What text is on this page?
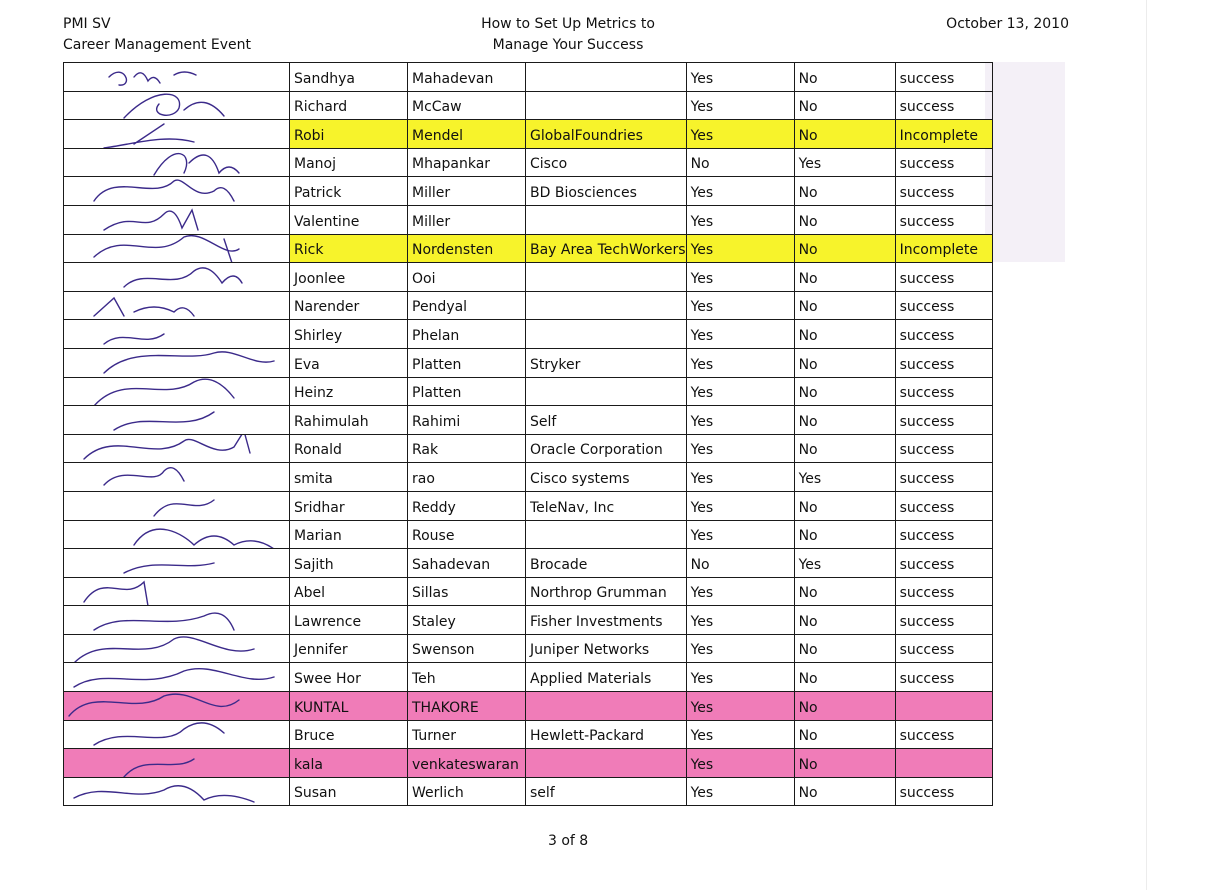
PMI SV
Career Management Event
How to Set Up Metrics to
Manage Your Success
October 13, 2010
	Sandhya	Mahadevan		Yes	No	success

	Richard	McCaw		Yes	No	success

	Robi	Mendel	GlobalFoundries	Yes	No	Incomplete

	Manoj	Mhapankar	Cisco	No	Yes	success

	Patrick	Miller	BD Biosciences	Yes	No	success

	Valentine	Miller		Yes	No	success

	Rick	Nordensten	Bay Area TechWorkers	Yes	No	Incomplete

	Joonlee	Ooi		Yes	No	success

	Narender	Pendyal		Yes	No	success

	Shirley	Phelan		Yes	No	success

	Eva	Platten	Stryker	Yes	No	success

	Heinz	Platten		Yes	No	success

	Rahimulah	Rahimi	Self	Yes	No	success

	Ronald	Rak	Oracle Corporation	Yes	No	success

	smita	rao	Cisco systems	Yes	Yes	success

	Sridhar	Reddy	TeleNav, Inc	Yes	No	success

	Marian	Rouse		Yes	No	success

	Sajith	Sahadevan	Brocade	No	Yes	success

	Abel	Sillas	Northrop Grumman	Yes	No	success

	Lawrence	Staley	Fisher Investments	Yes	No	success

	Jennifer	Swenson	Juniper Networks	Yes	No	success

	Swee Hor	Teh	Applied Materials	Yes	No	success

	KUNTAL	THAKORE		Yes	No	

	Bruce	Turner	Hewlett-Packard	Yes	No	success

	kala	venkateswaran		Yes	No	

	Susan	Werlich	self	Yes	No	success
3 of 8
